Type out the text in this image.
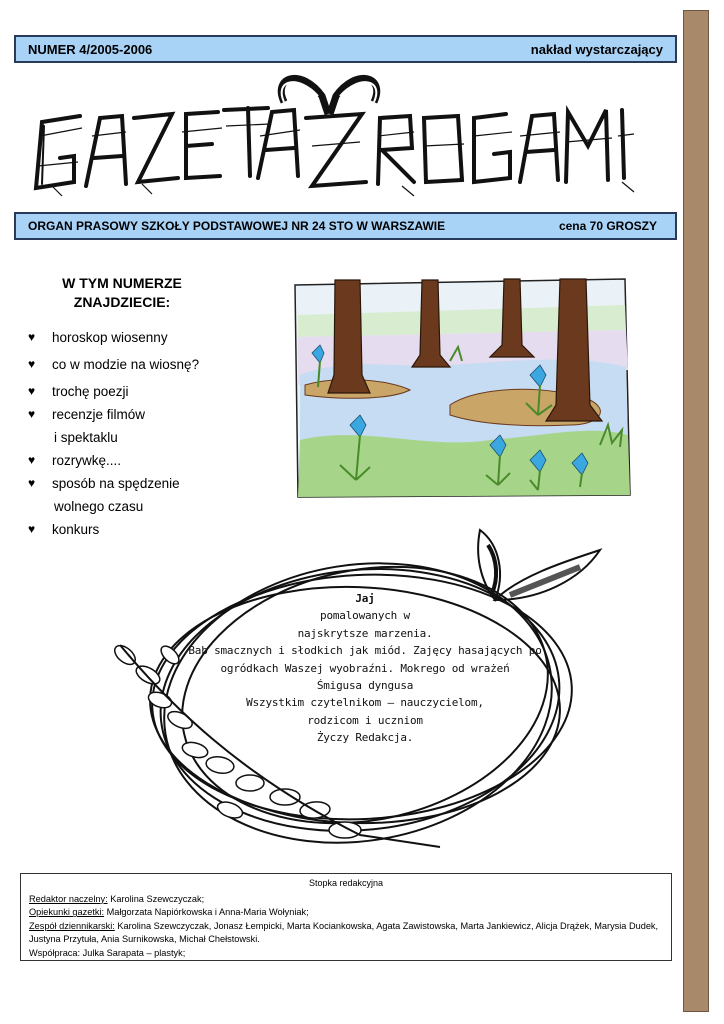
NUMER 4/2005-2006	nakład wystarczający
ORGAN PRASOWY SZKOŁY PODSTAWOWEJ NR 24 STO W WARSZAWIE	cena 70 GROSZY
W TYM NUMERZE
ZNAJDZIECIE:
♥	horoskop wiosenny
♥	co w modzie na wiosnę?
♥	trochę poezji
♥	recenzje filmów
i spektaklu
♥	rozrywkę....
♥	sposób na spędzenie
wolnego czasu
♥	konkurs
Jaj
pomalowanych w
najskrytsze marzenia.
Bab smacznych i słodkich jak miód. Zajęcy hasających po
ogródkach Waszej wyobraźni. Mokrego od wrażeń
Śmigusa dyngusa
Wszystkim czytelnikom – nauczycielom,
rodzicom i uczniom
Życzy Redakcja.
Stopka redakcyjna
Redaktor naczelny: Karolina Szewczyczak;
Opiekunki gazetki: Małgorzata Napiórkowska i Anna-Maria Wołyniak;
Zespół dziennikarski: Karolina Szewczyczak, Jonasz Łempicki, Marta Kociankowska, Agata Zawistowska, Marta Jankiewicz, Alicja Drążek, Marysia Dudek, Justyna Przytuła, Ania Surnikowska, Michał Chełstowski.
Współpraca: Julka Sarapata – plastyk;
